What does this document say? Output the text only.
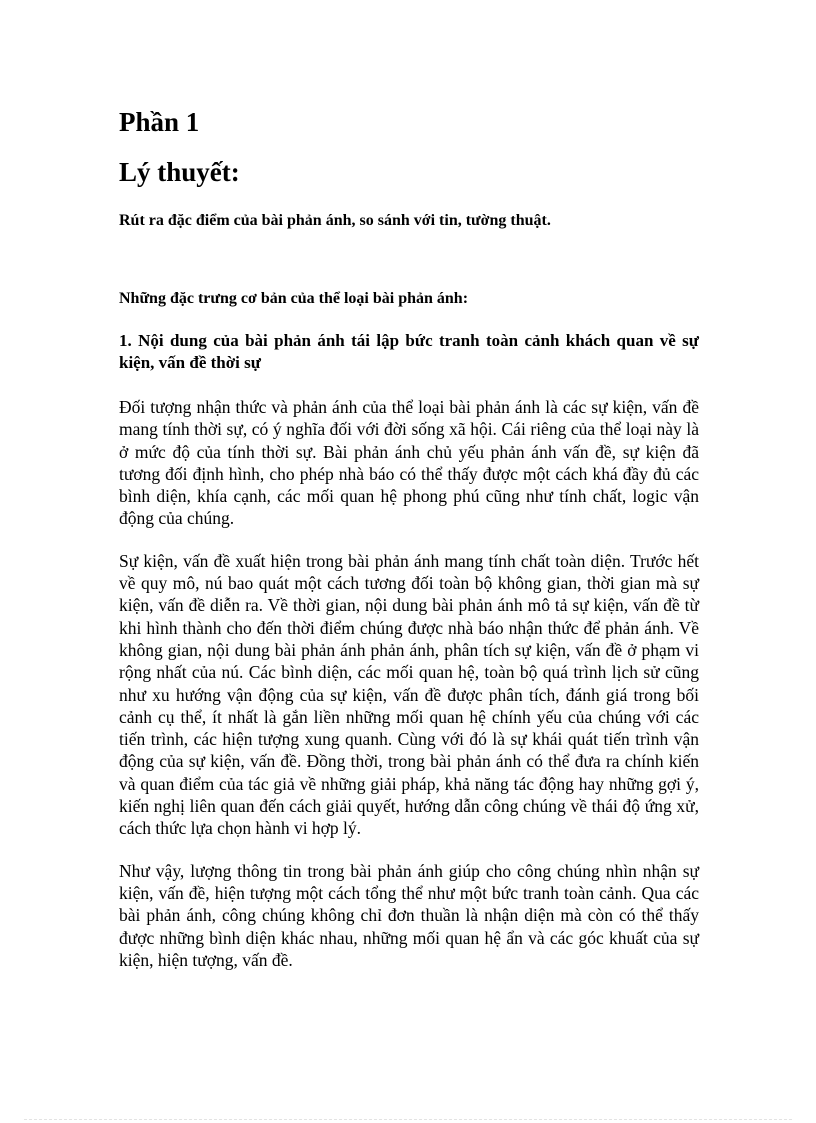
Phần 1
Lý thuyết:
Rút ra đặc điểm của bài phản ánh, so sánh với tin, tường thuật.
Những đặc trưng cơ bản của thể loại bài phản ánh:
1. Nội dung của bài phản ánh tái lập bức tranh toàn cảnh khách quan về sự kiện, vấn đề thời sự

Đối tượng nhận thức và phản ánh của thể loại bài phản ánh là các sự kiện, vấn đề mang tính thời sự, có ý nghĩa đối với đời sống xã hội. Cái riêng của thể loại này là ở mức độ của tính thời sự. Bài phản ánh chủ yếu phản ánh vấn đề, sự kiện đã tương đối định hình, cho phép nhà báo có thể thấy được một cách khá đầy đủ các bình diện, khía cạnh, các mối quan hệ phong phú cũng như tính chất, logic vận động của chúng.

Sự kiện, vấn đề xuất hiện trong bài phản ánh mang tính chất toàn diện. Trước hết về quy mô, nú bao quát một cách tương đối toàn bộ không gian, thời gian mà sự kiện, vấn đề diễn ra. Về thời gian, nội dung bài phản ánh mô tả sự kiện, vấn đề từ khi hình thành cho đến thời điểm chúng được nhà báo nhận thức để phản ánh. Về không gian, nội dung bài phản ánh phản ánh, phân tích sự kiện, vấn đề ở phạm vi rộng nhất của nú. Các bình diện, các mối quan hệ, toàn bộ quá trình lịch sử cũng như xu hướng vận động của sự kiện, vấn đề được phân tích, đánh giá trong bối cảnh cụ thể, ít nhất là gắn liền những mối quan hệ chính yếu của chúng với các tiến trình, các hiện tượng xung quanh. Cùng với đó là sự khái quát tiến trình vận động của sự kiện, vấn đề. Đồng thời, trong bài phản ánh có thể đưa ra chính kiến và quan điểm của tác giả về những giải pháp, khả năng tác động hay những gợi ý, kiến nghị liên quan đến cách giải quyết, hướng dẫn công chúng về thái độ ứng xử, cách thức lựa chọn hành vi hợp lý.

Như vậy, lượng thông tin trong bài phản ánh giúp cho công chúng nhìn nhận sự kiện, vấn đề, hiện tượng một cách tổng thể như một bức tranh toàn cảnh. Qua các bài phản ánh, công chúng không chỉ đơn thuần là nhận diện mà còn có thể thấy được những bình diện khác nhau, những mối quan hệ ẩn và các góc khuất của sự kiện, hiện tượng, vấn đề.
